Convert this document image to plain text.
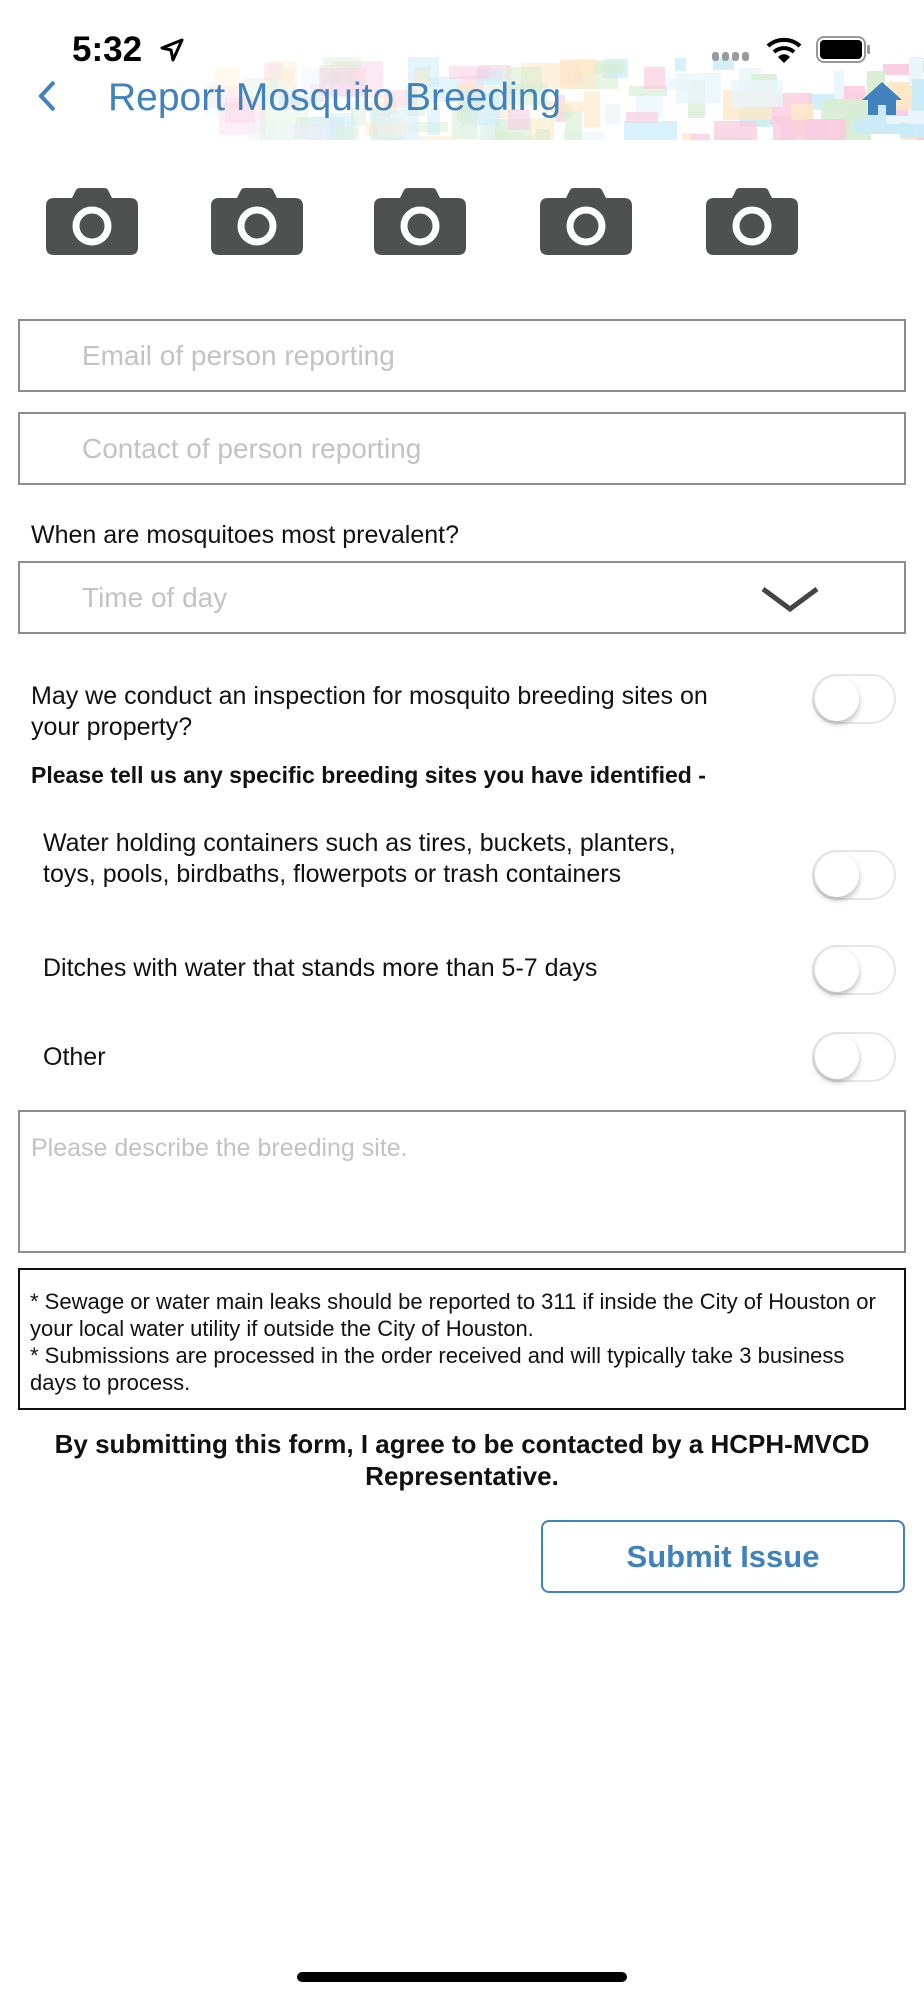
5:32
Report Mosquito Breeding
Email of person reporting
Contact of person reporting
When are mosquitoes most prevalent?
Time of day
May we conduct an inspection for mosquito breeding sites on your property?
Please tell us any specific breeding sites you have identified -
Water holding containers such as tires, buckets, planters, toys, pools, birdbaths, flowerpots or trash containers
Ditches with water that stands more than 5-7 days
Other
Please describe the breeding site.
* Sewage or water main leaks should be reported to 311 if inside the City of Houston or your local water utility if outside the City of Houston.
* Submissions are processed in the order received and will typically take 3 business days to process.
By submitting this form, I agree to be contacted by a HCPH-MVCD Representative.
Submit Issue
